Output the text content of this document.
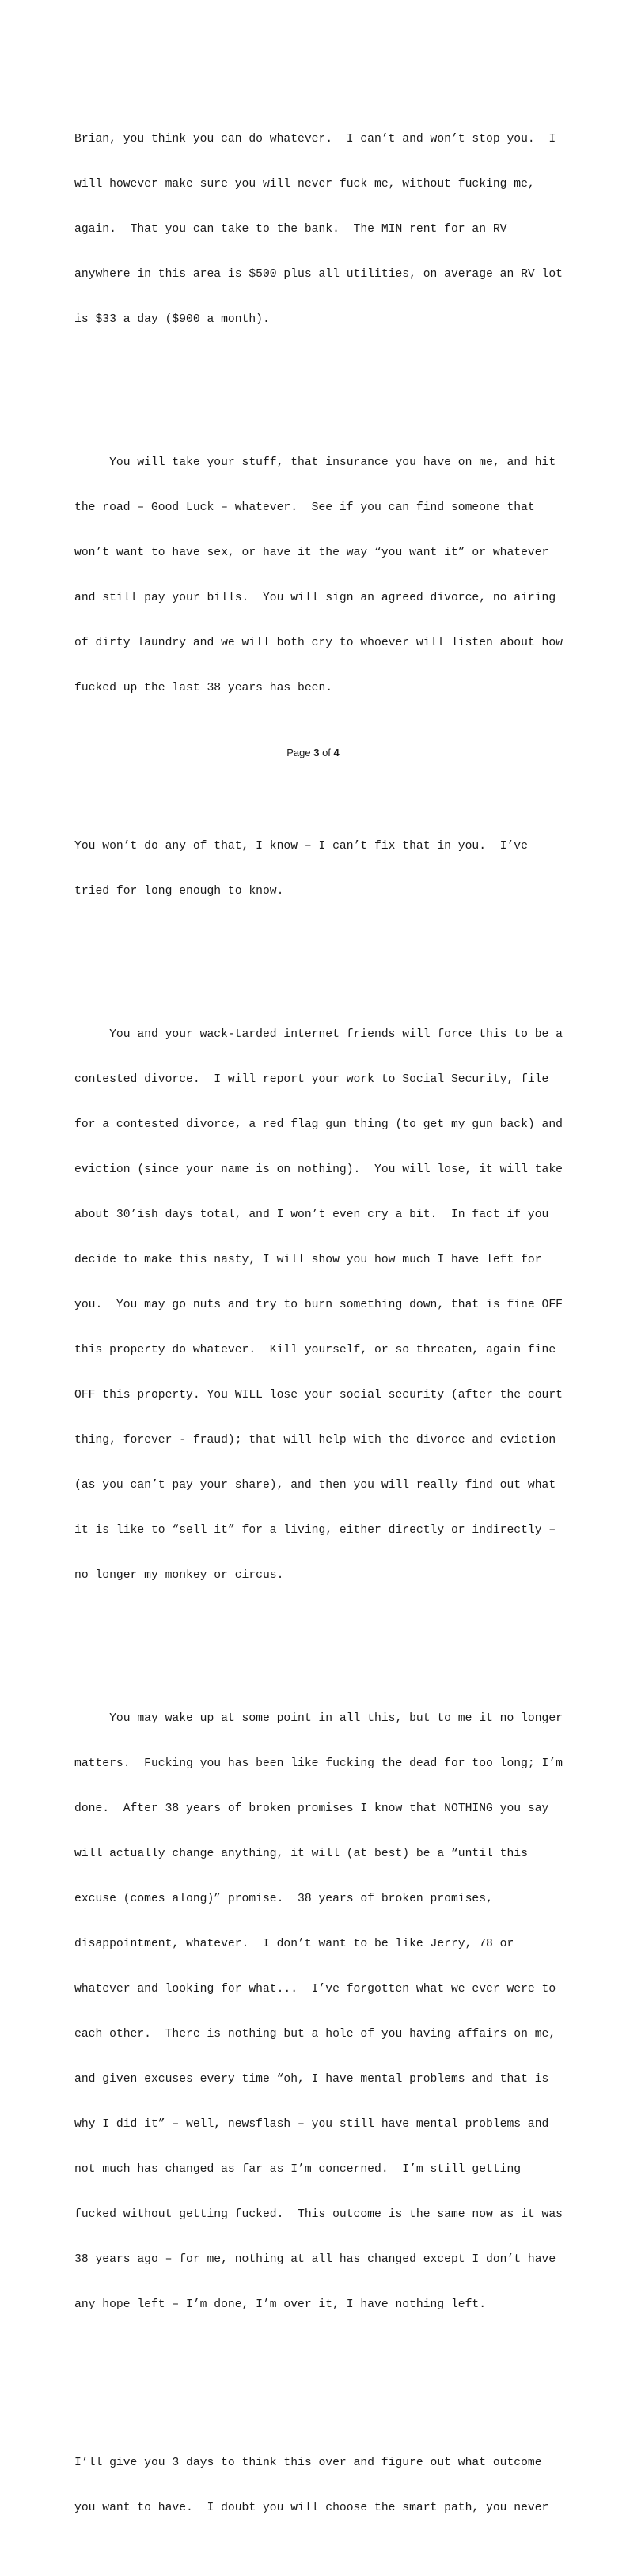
Brian, you think you can do whatever.  I can’t and won’t stop you.  I

will however make sure you will never fuck me, without fucking me,

again.  That you can take to the bank.  The MIN rent for an RV

anywhere in this area is $500 plus all utilities, on average an RV lot

is $33 a day ($900 a month).

You will take your stuff, that insurance you have on me, and hit

the road – Good Luck – whatever.  See if you can find someone that

won’t want to have sex, or have it the way “you want it” or whatever

and still pay your bills.  You will sign an agreed divorce, no airing

of dirty laundry and we will both cry to whoever will listen about how

fucked up the last 38 years has been.

You won’t do any of that, I know – I can’t fix that in you.  I’ve

tried for long enough to know.

You and your wack-tarded internet friends will force this to be a

contested divorce.  I will report your work to Social Security, file

for a contested divorce, a red flag gun thing (to get my gun back) and

eviction (since your name is on nothing).  You will lose, it will take

about 30’ish days total, and I won’t even cry a bit.  In fact if you

decide to make this nasty, I will show you how much I have left for

you.  You may go nuts and try to burn something down, that is fine OFF

this property do whatever.  Kill yourself, or so threaten, again fine

OFF this property. You WILL lose your social security (after the court

thing, forever - fraud); that will help with the divorce and eviction

(as you can’t pay your share), and then you will really find out what

it is like to “sell it” for a living, either directly or indirectly –

no longer my monkey or circus.

You may wake up at some point in all this, but to me it no longer

matters.  Fucking you has been like fucking the dead for too long; I’m

done.  After 38 years of broken promises I know that NOTHING you say

will actually change anything, it will (at best) be a “until this

excuse (comes along)” promise.  38 years of broken promises,

disappointment, whatever.  I don’t want to be like Jerry, 78 or

whatever and looking for what...  I’ve forgotten what we ever were to

each other.  There is nothing but a hole of you having affairs on me,

and given excuses every time “oh, I have mental problems and that is

why I did it” – well, newsflash – you still have mental problems and

not much has changed as far as I’m concerned.  I’m still getting

fucked without getting fucked.  This outcome is the same now as it was

38 years ago – for me, nothing at all has changed except I don’t have

any hope left – I’m done, I’m over it, I have nothing left.

I’ll give you 3 days to think this over and figure out what outcome

you want to have.  I doubt you will choose the smart path, you never

Page 3 of 4
